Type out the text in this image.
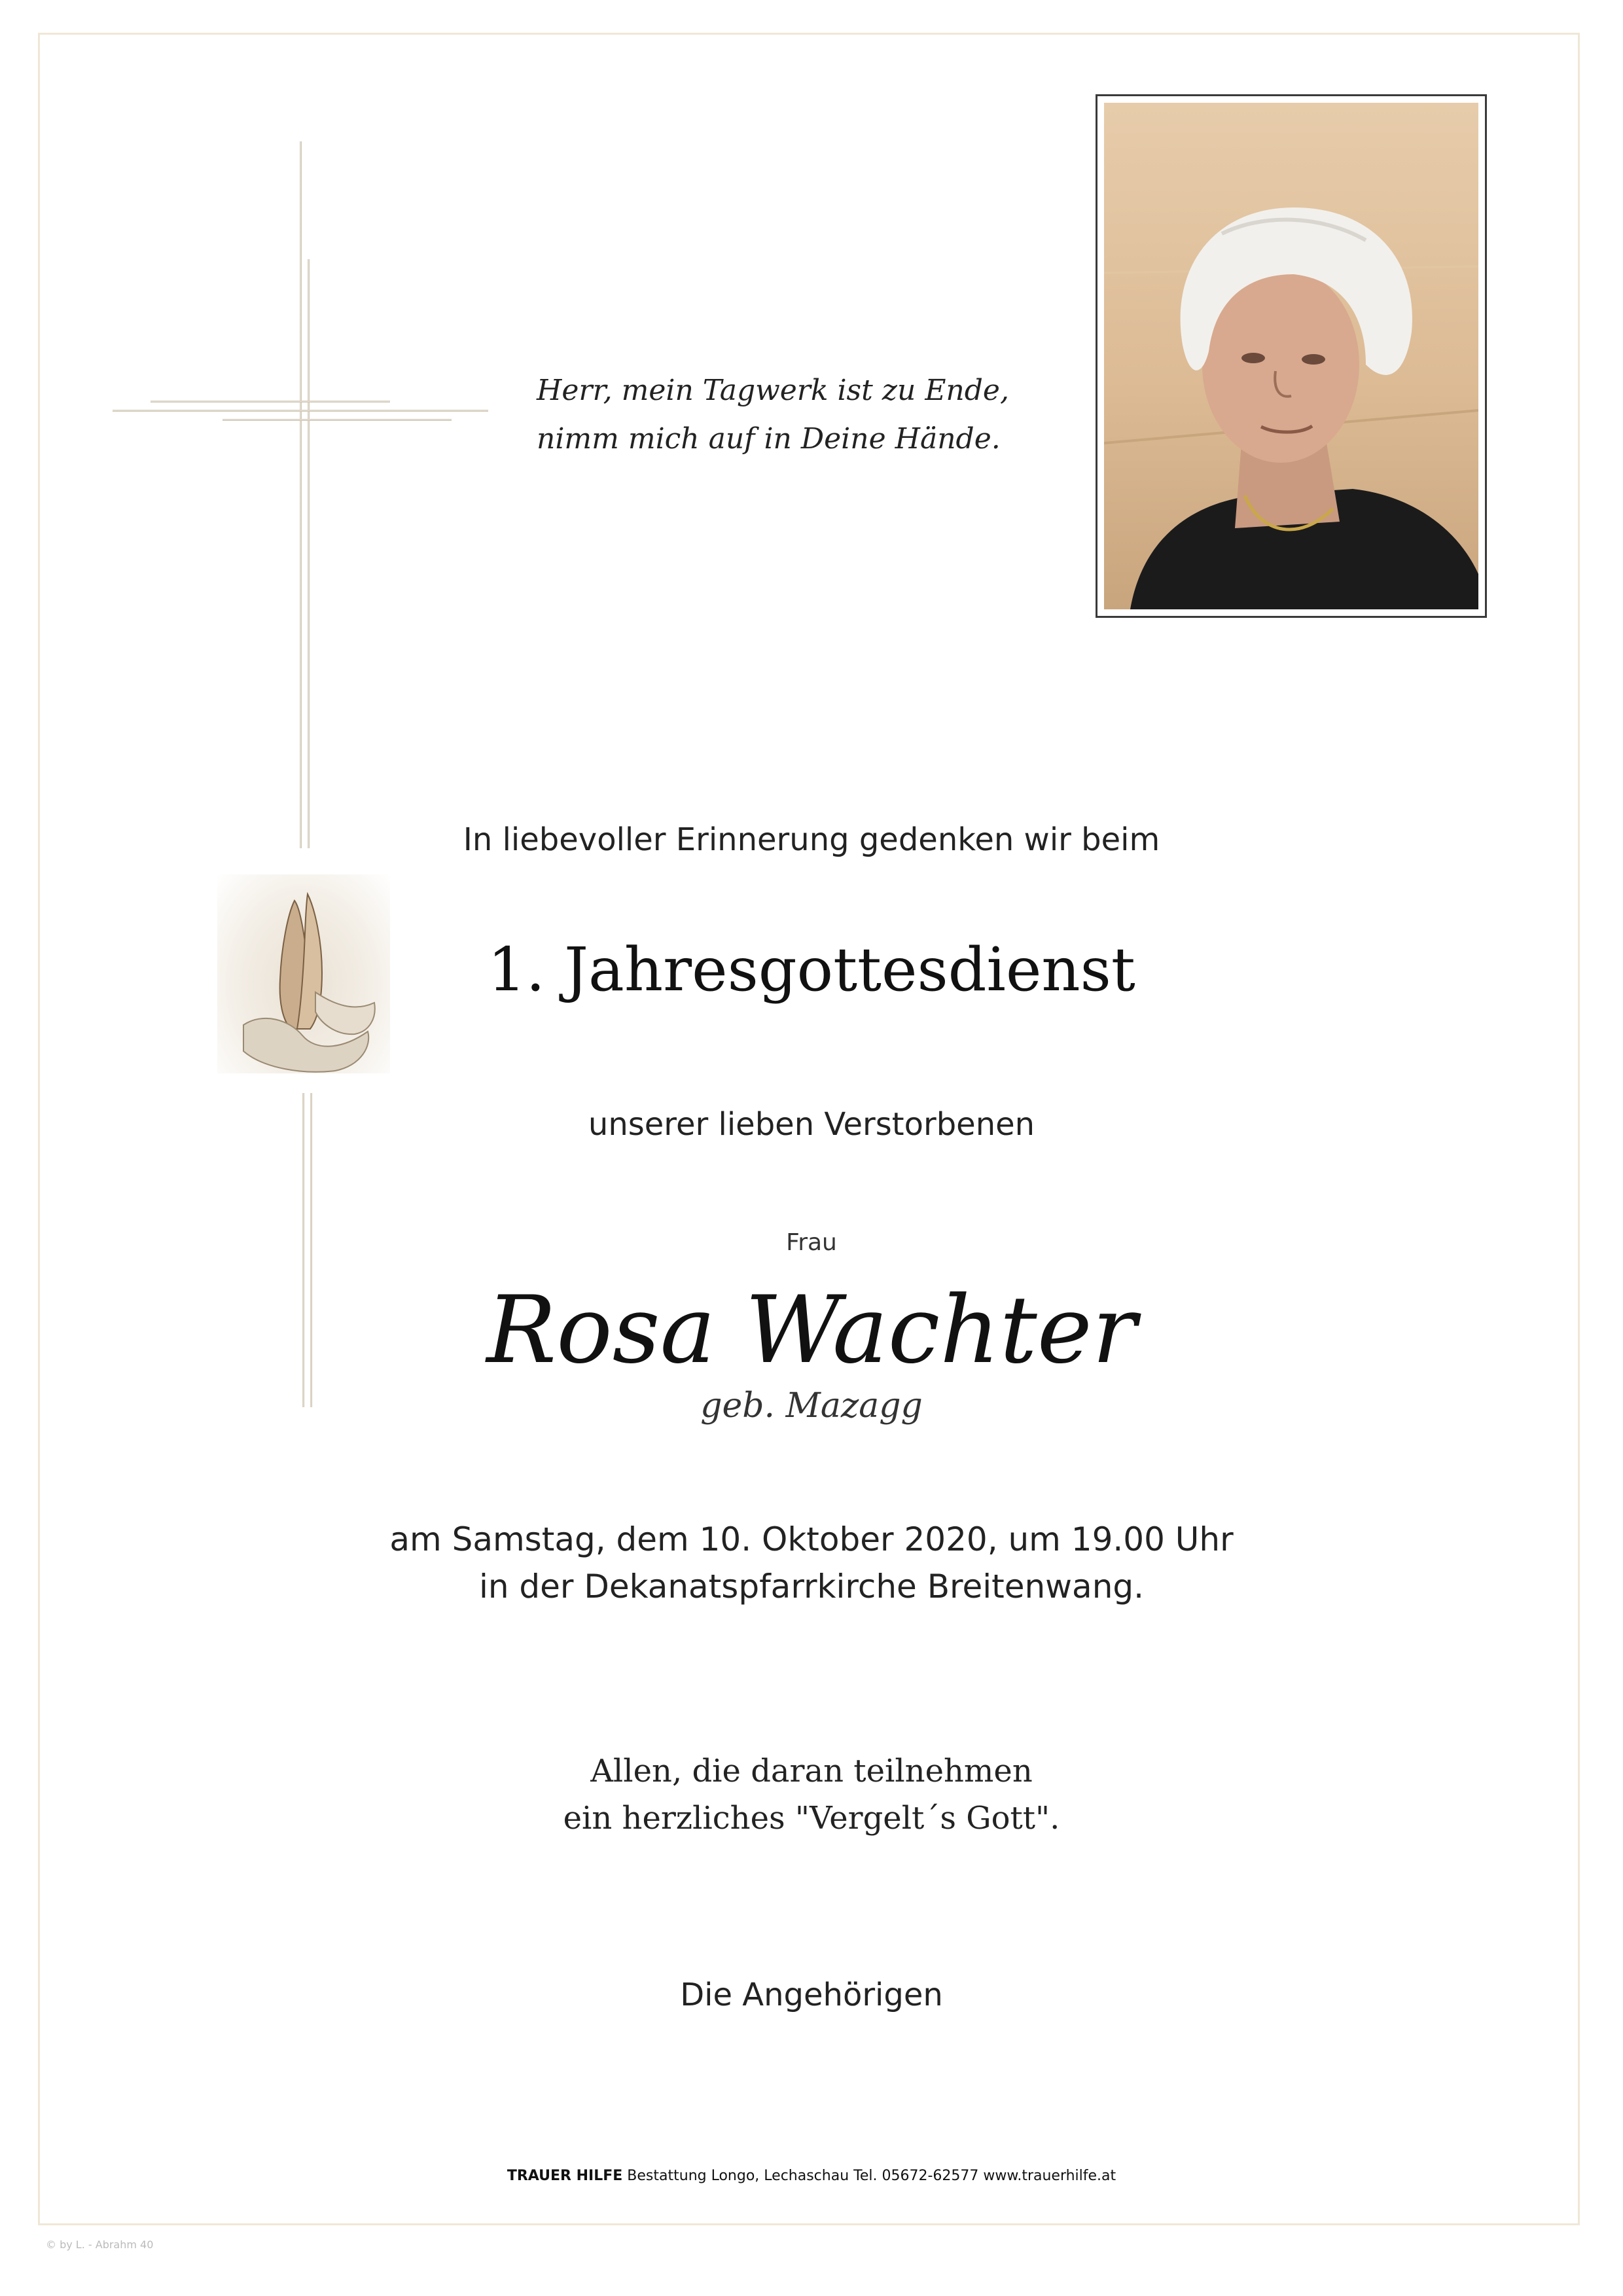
Herr, mein Tagwerk ist zu Ende,
nimm mich auf in Deine Hände.
In liebevoller Erinnerung gedenken wir beim
1. Jahresgottesdienst
unserer lieben Verstorbenen
Frau
Rosa Wachter
geb. Mazagg
am Samstag, dem 10. Oktober 2020, um 19.00 Uhr
in der Dekanatspfarrkirche Breitenwang.
Allen, die daran teilnehmen
ein herzliches "Vergelt´s Gott".
Die Angehörigen
TRAUER HILFE Bestattung Longo, Lechaschau Tel. 05672-62577 www.trauerhilfe.at
© by L. - Abrahm 40
